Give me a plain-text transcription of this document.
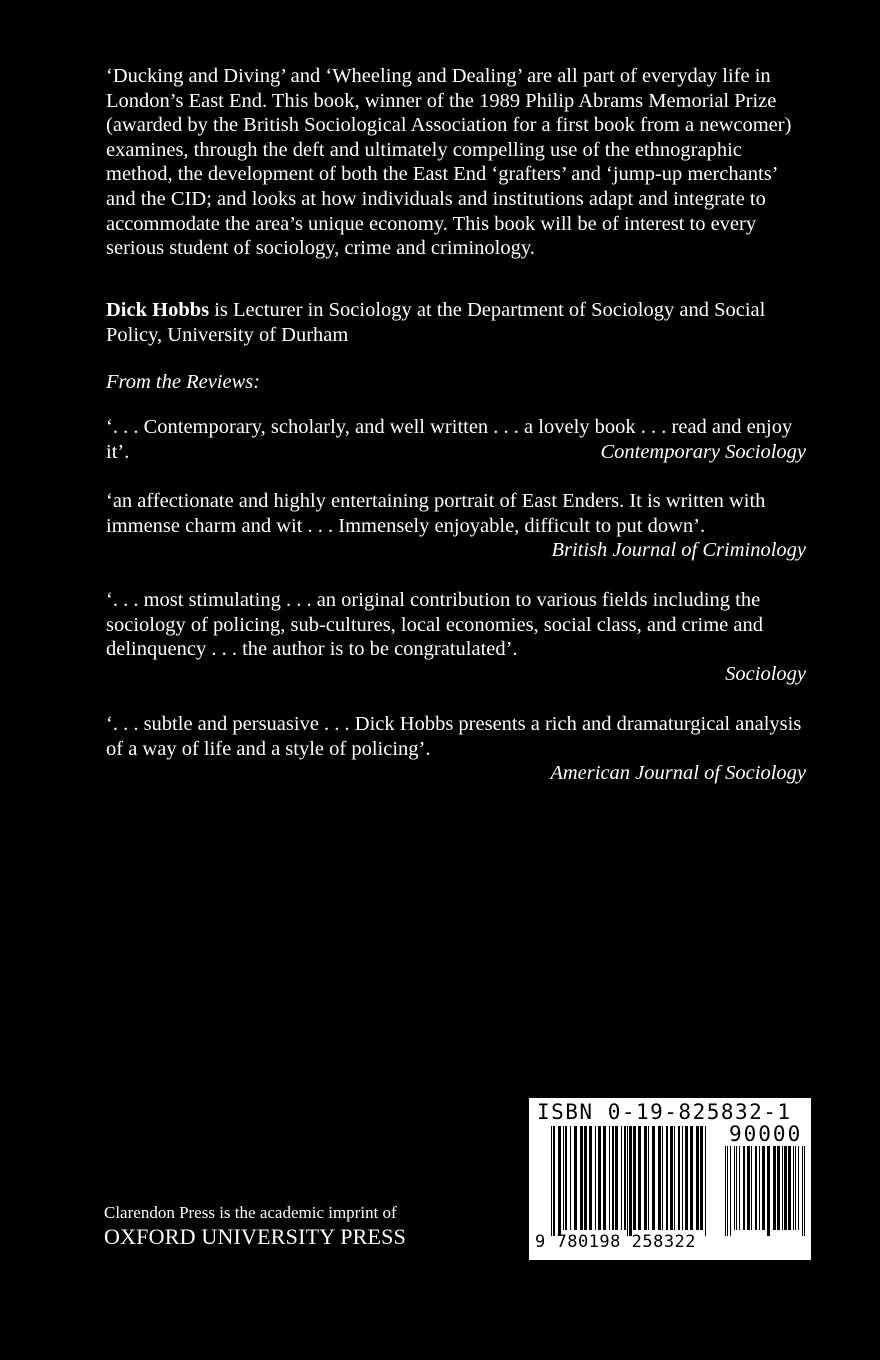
‘Ducking and Diving’ and ‘Wheeling and Dealing’ are all part of everyday life in London’s East End. This book, winner of the 1989 Philip Abrams Memorial Prize (awarded by the British Sociological Association for a first book from a newcomer) examines, through the deft and ultimately compelling use of the ethnographic method, the development of both the East End ‘grafters’ and ‘jump-up merchants’ and the CID; and looks at how individuals and institutions adapt and integrate to accommodate the area’s unique economy. This book will be of interest to every serious student of sociology, crime and criminology.

Dick Hobbs is Lecturer in Sociology at the Department of Sociology and Social Policy, University of Durham

From the Reviews:

‘. . . Contemporary, scholarly, and well written . . . a lovely book . . . read and enjoy it’.	Contemporary Sociology

‘an affectionate and highly entertaining portrait of East Enders. It is written with immense charm and wit . . . Immensely enjoyable, difficult to put down’.
British Journal of Criminology

‘. . . most stimulating . . . an original contribution to various fields including the sociology of policing, sub-cultures, local economies, social class, and crime and delinquency . . . the author is to be congratulated’.
Sociology

‘. . . subtle and persuasive . . . Dick Hobbs presents a rich and dramaturgical analysis of a way of life and a style of policing’.
American Journal of Sociology

Clarendon Press is the academic imprint of
OXFORD UNIVERSITY PRESS
ISBN 0-19-825832-1
90000
9 780198 258322
